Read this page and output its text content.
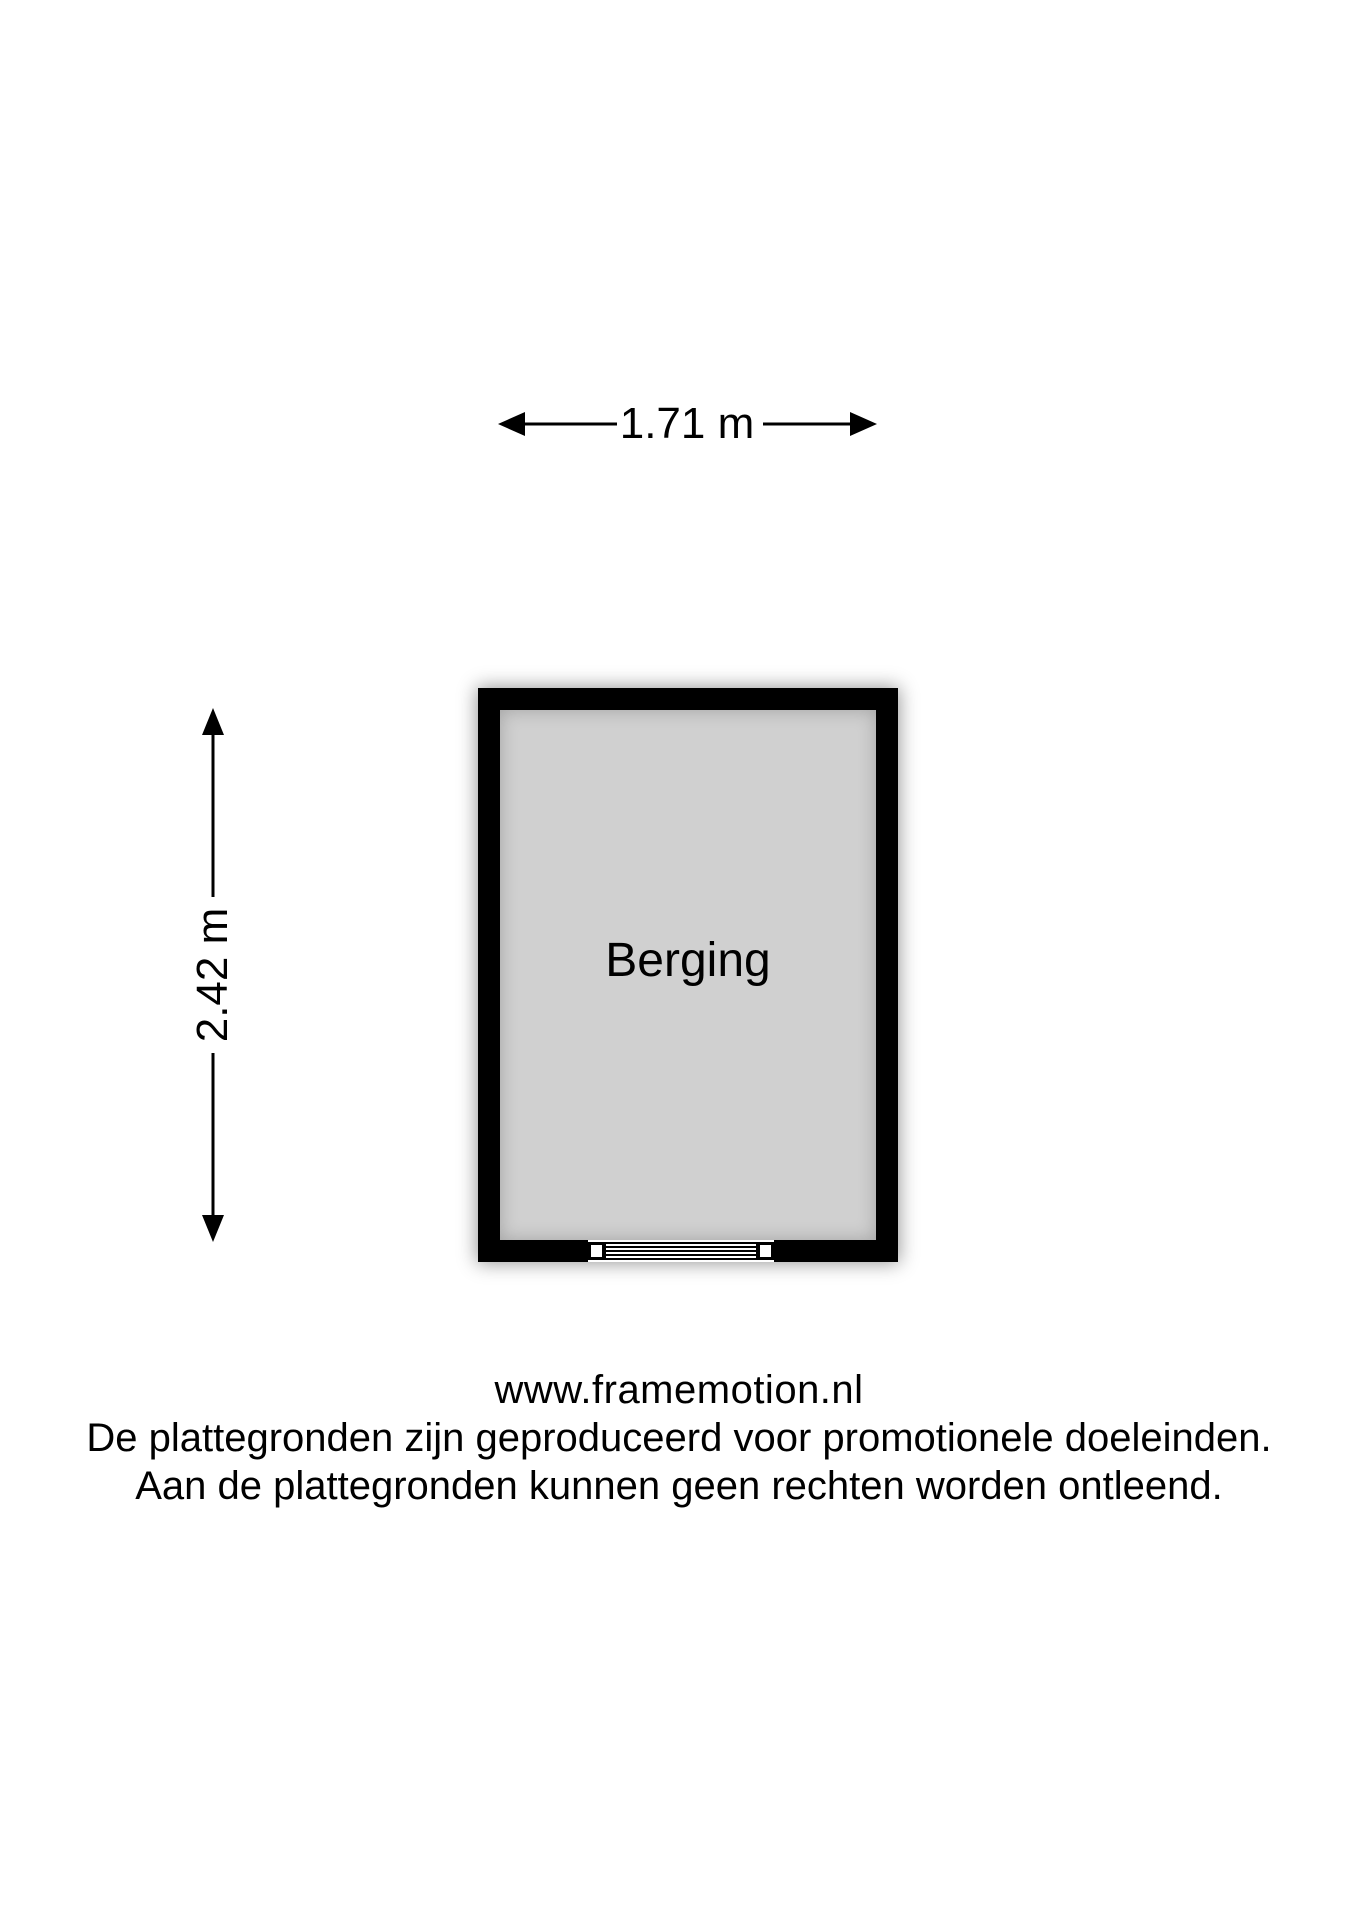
1.71 m
2.42 m	Berging
www.framemotion.nl
De plattegronden zijn geproduceerd voor promotionele doeleinden.
Aan de plattegronden kunnen geen rechten worden ontleend.
